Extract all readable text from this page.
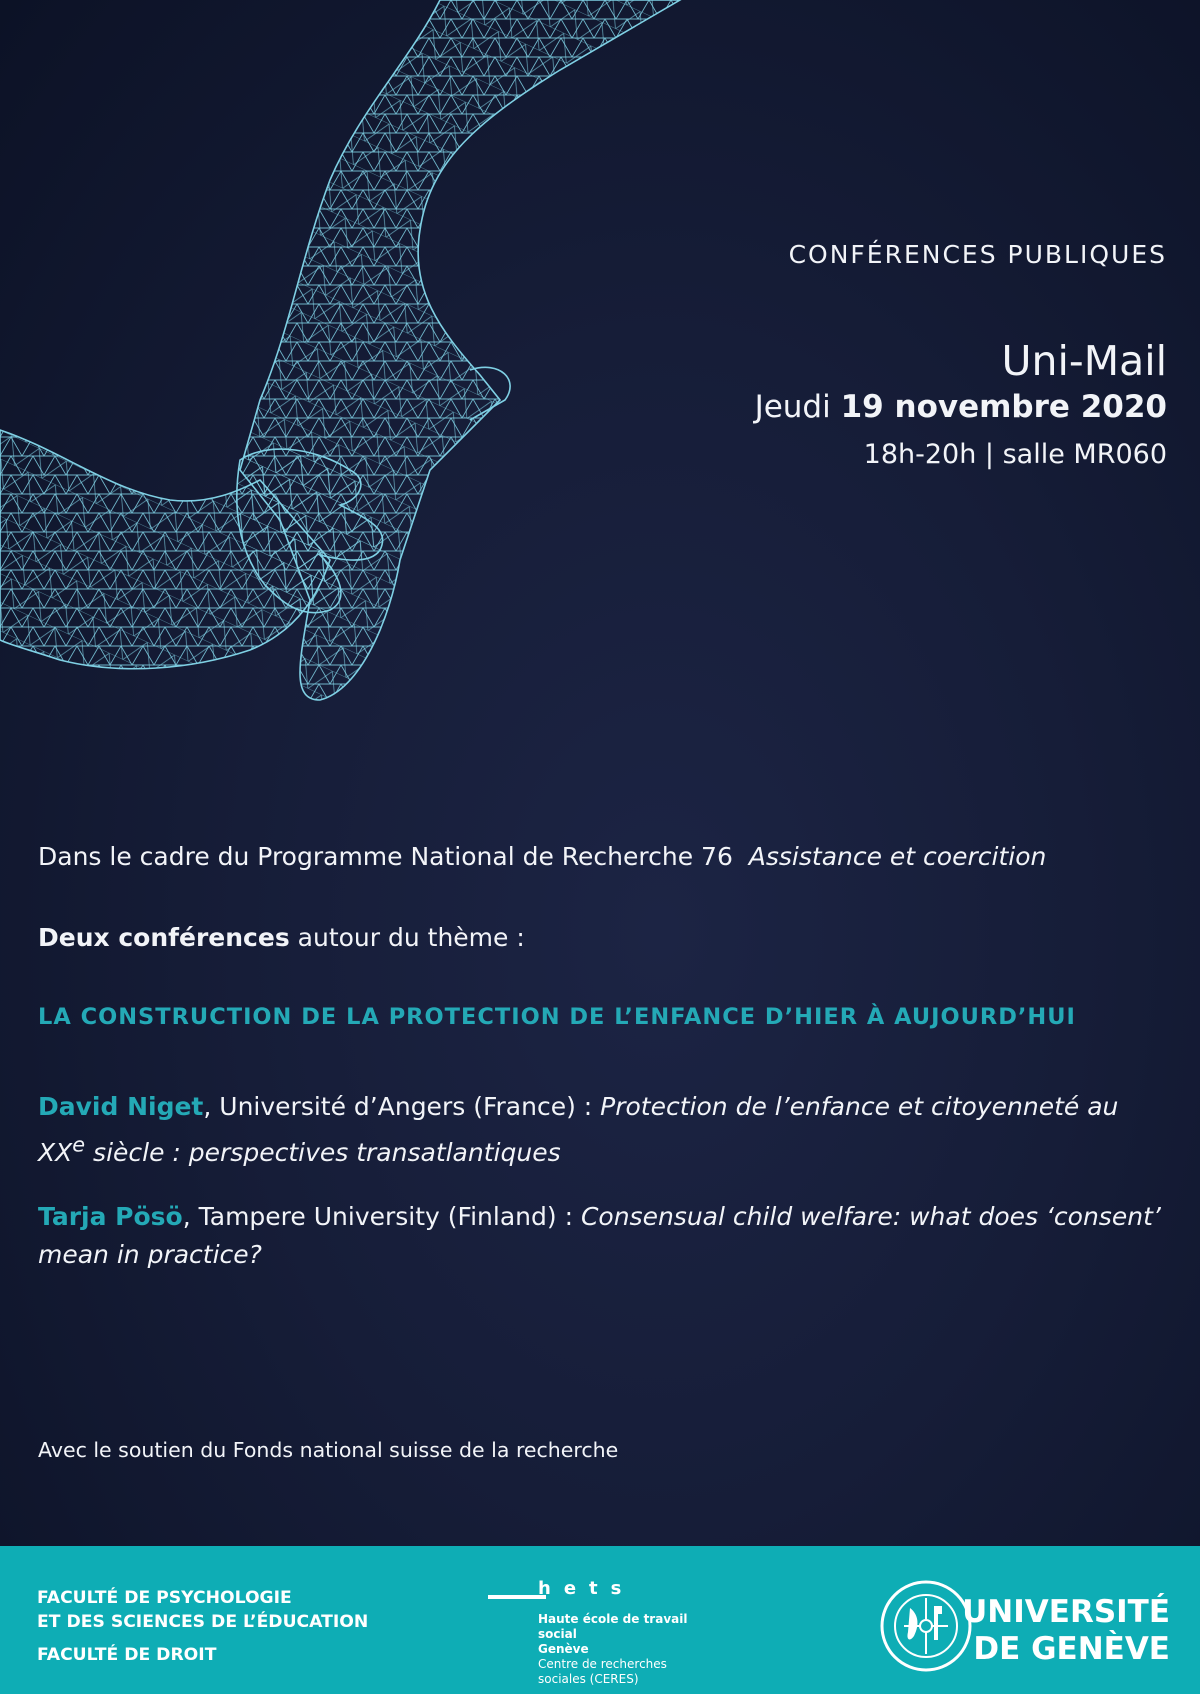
CONFÉRENCES PUBLIQUES
Uni-Mail
Jeudi 19 novembre 2020
18h-20h | salle MR060

Dans le cadre du Programme National de Recherche 76 Assistance et coercition

Deux conférences autour du thème :

LA CONSTRUCTION DE LA PROTECTION DE L’ENFANCE D’HIER À AUJOURD’HUI

David Niget, Université d’Angers (France) : Protection de l’enfance et citoyenneté au XXe siècle : perspectives transatlantiques

Tarja Pösö, Tampere University (Finland) : Consensual child welfare: what does ‘consent’ mean in practice?

Avec le soutien du Fonds national suisse de la recherche

FACULTÉ DE PSYCHOLOGIE
ET DES SCIENCES DE L’ÉDUCATION
FACULTÉ DE DROIT
hets
Haute école de travail social
Genève
Centre de recherches
sociales (CERES)
UNIVERSITÉ
DE GENÈVE
